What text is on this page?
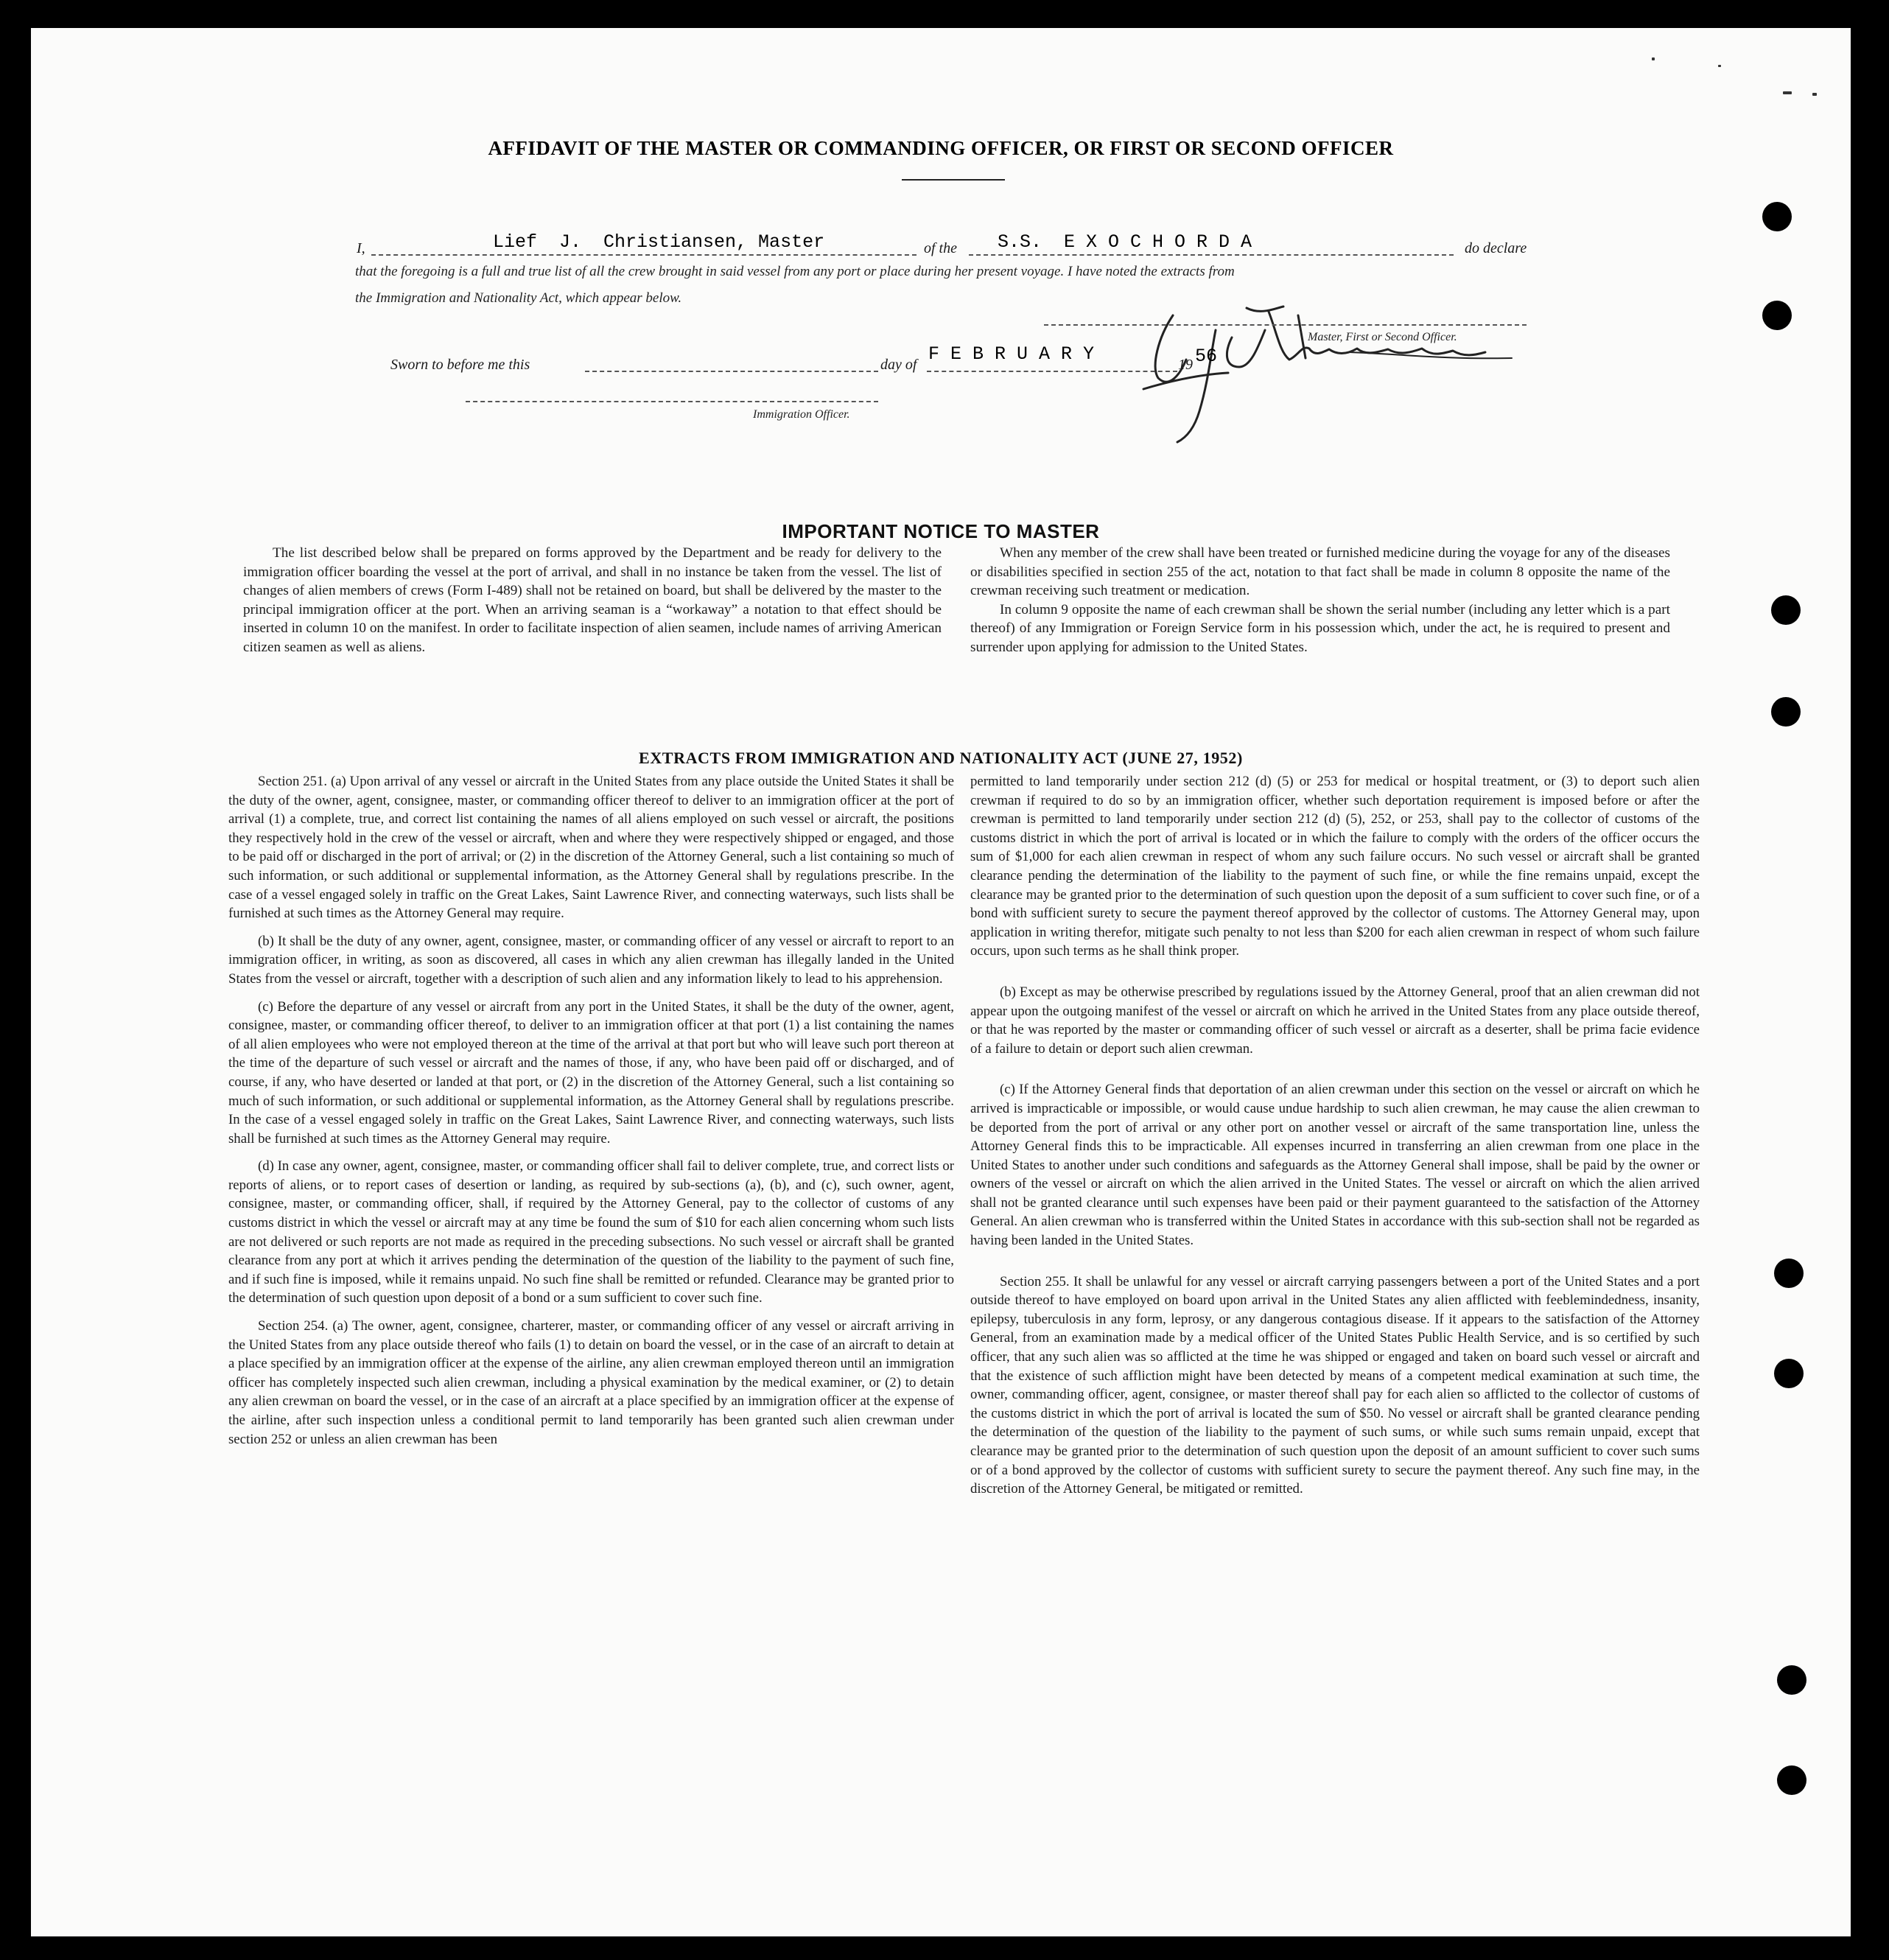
AFFIDAVIT OF THE MASTER OR COMMANDING OFFICER, OR FIRST OR SECOND OFFICER
I,	Lief  J.  Christiansen, Master	of the S.S.  E X O C H O R D A	do declare
that the foregoing is a full and true list of all the crew brought in said vessel from any port or place during her present voyage. I have noted the extracts from
the Immigration and Nationality Act, which appear below.
Master, First or Second Officer.
Sworn to before me this	day of F E B R U A R Y	19 56
Immigration Officer.
IMPORTANT NOTICE TO MASTER

The list described below shall be prepared on forms approved by the Department and be ready for delivery to the immigration officer boarding the vessel at the port of arrival, and shall in no instance be taken from the vessel. The list of changes of alien members of crews (Form I-489) shall not be retained on board, but shall be delivered by the master to the principal immigration officer at the port. When an arriving seaman is a “workaway” a notation to that effect should be inserted in column 10 on the manifest. In order to facilitate inspection of alien seamen, include names of arriving American citizen seamen as well as aliens.

When any member of the crew shall have been treated or furnished medicine during the voyage for any of the diseases or disabilities specified in section 255 of the act, notation to that fact shall be made in column 8 opposite the name of the crewman receiving such treatment or medication.

In column 9 opposite the name of each crewman shall be shown the serial number (including any letter which is a part thereof) of any Immigration or Foreign Service form in his possession which, under the act, he is required to present and surrender upon applying for admission to the United States.

EXTRACTS FROM IMMIGRATION AND NATIONALITY ACT (JUNE 27, 1952)

Section 251. (a) Upon arrival of any vessel or aircraft in the United States from any place outside the United States it shall be the duty of the owner, agent, consignee, master, or commanding officer thereof to deliver to an immigration officer at the port of arrival (1) a complete, true, and correct list containing the names of all aliens employed on such vessel or aircraft, the positions they respectively hold in the crew of the vessel or aircraft, when and where they were respectively shipped or engaged, and those to be paid off or discharged in the port of arrival; or (2) in the discretion of the Attorney General, such a list containing so much of such information, or such additional or supplemental information, as the Attorney General shall by regulations prescribe. In the case of a vessel engaged solely in traffic on the Great Lakes, Saint Lawrence River, and connecting waterways, such lists shall be furnished at such times as the Attorney General may require.

(b) It shall be the duty of any owner, agent, consignee, master, or commanding officer of any vessel or aircraft to report to an immigration officer, in writing, as soon as discovered, all cases in which any alien crewman has illegally landed in the United States from the vessel or aircraft, together with a description of such alien and any information likely to lead to his apprehension.

(c) Before the departure of any vessel or aircraft from any port in the United States, it shall be the duty of the owner, agent, consignee, master, or commanding officer thereof, to deliver to an immigration officer at that port (1) a list containing the names of all alien employees who were not employed thereon at the time of the arrival at that port but who will leave such port thereon at the time of the departure of such vessel or aircraft and the names of those, if any, who have been paid off or discharged, and of course, if any, who have deserted or landed at that port, or (2) in the discretion of the Attorney General, such a list containing so much of such information, or such additional or supplemental information, as the Attorney General shall by regulations prescribe. In the case of a vessel engaged solely in traffic on the Great Lakes, Saint Lawrence River, and connecting waterways, such lists shall be furnished at such times as the Attorney General may require.

(d) In case any owner, agent, consignee, master, or commanding officer shall fail to deliver complete, true, and correct lists or reports of aliens, or to report cases of desertion or landing, as required by sub-sections (a), (b), and (c), such owner, agent, consignee, master, or commanding officer, shall, if required by the Attorney General, pay to the collector of customs of any customs district in which the vessel or aircraft may at any time be found the sum of $10 for each alien concerning whom such lists are not delivered or such reports are not made as required in the preceding subsections. No such vessel or aircraft shall be granted clearance from any port at which it arrives pending the determination of the question of the liability to the payment of such fine, and if such fine is imposed, while it remains unpaid. No such fine shall be remitted or refunded. Clearance may be granted prior to the determination of such question upon deposit of a bond or a sum sufficient to cover such fine.

Section 254. (a) The owner, agent, consignee, charterer, master, or commanding officer of any vessel or aircraft arriving in the United States from any place outside thereof who fails (1) to detain on board the vessel, or in the case of an aircraft to detain at a place specified by an immigration officer at the expense of the airline, any alien crewman employed thereon until an immigration officer has completely inspected such alien crewman, including a physical examination by the medical examiner, or (2) to detain any alien crewman on board the vessel, or in the case of an aircraft at a place specified by an immigration officer at the expense of the airline, after such inspection unless a conditional permit to land temporarily has been granted such alien crewman under section 252 or unless an alien crewman has been

permitted to land temporarily under section 212 (d) (5) or 253 for medical or hospital treatment, or (3) to deport such alien crewman if required to do so by an immigration officer, whether such deportation requirement is imposed before or after the crewman is permitted to land temporarily under section 212 (d) (5), 252, or 253, shall pay to the collector of customs of the customs district in which the port of arrival is located or in which the failure to comply with the orders of the officer occurs the sum of $1,000 for each alien crewman in respect of whom any such failure occurs. No such vessel or aircraft shall be granted clearance pending the determination of the liability to the payment of such fine, or while the fine remains unpaid, except the clearance may be granted prior to the determination of such question upon the deposit of a sum sufficient to cover such fine, or of a bond with sufficient surety to secure the payment thereof approved by the collector of customs. The Attorney General may, upon application in writing therefor, mitigate such penalty to not less than $200 for each alien crewman in respect of whom such failure occurs, upon such terms as he shall think proper.

(b) Except as may be otherwise prescribed by regulations issued by the Attorney General, proof that an alien crewman did not appear upon the outgoing manifest of the vessel or aircraft on which he arrived in the United States from any place outside thereof, or that he was reported by the master or commanding officer of such vessel or aircraft as a deserter, shall be prima facie evidence of a failure to detain or deport such alien crewman.

(c) If the Attorney General finds that deportation of an alien crewman under this section on the vessel or aircraft on which he arrived is impracticable or impossible, or would cause undue hardship to such alien crewman, he may cause the alien crewman to be deported from the port of arrival or any other port on another vessel or aircraft of the same transportation line, unless the Attorney General finds this to be impracticable. All expenses incurred in transferring an alien crewman from one place in the United States to another under such conditions and safeguards as the Attorney General shall impose, shall be paid by the owner or owners of the vessel or aircraft on which the alien arrived in the United States. The vessel or aircraft on which the alien arrived shall not be granted clearance until such expenses have been paid or their payment guaranteed to the satisfaction of the Attorney General. An alien crewman who is transferred within the United States in accordance with this sub-section shall not be regarded as having been landed in the United States.

Section 255. It shall be unlawful for any vessel or aircraft carrying passengers between a port of the United States and a port outside thereof to have employed on board upon arrival in the United States any alien afflicted with feeblemindedness, insanity, epilepsy, tuberculosis in any form, leprosy, or any dangerous contagious disease. If it appears to the satisfaction of the Attorney General, from an examination made by a medical officer of the United States Public Health Service, and is so certified by such officer, that any such alien was so afflicted at the time he was shipped or engaged and taken on board such vessel or aircraft and that the existence of such affliction might have been detected by means of a competent medical examination at such time, the owner, commanding officer, agent, consignee, or master thereof shall pay for each alien so afflicted to the collector of customs of the customs district in which the port of arrival is located the sum of $50. No vessel or aircraft shall be granted clearance pending the determination of the question of the liability to the payment of such sums, or while such sums remain unpaid, except that clearance may be granted prior to the determination of such question upon the deposit of an amount sufficient to cover such sums or of a bond approved by the collector of customs with sufficient surety to secure the payment thereof. Any such fine may, in the discretion of the Attorney General, be mitigated or remitted.
